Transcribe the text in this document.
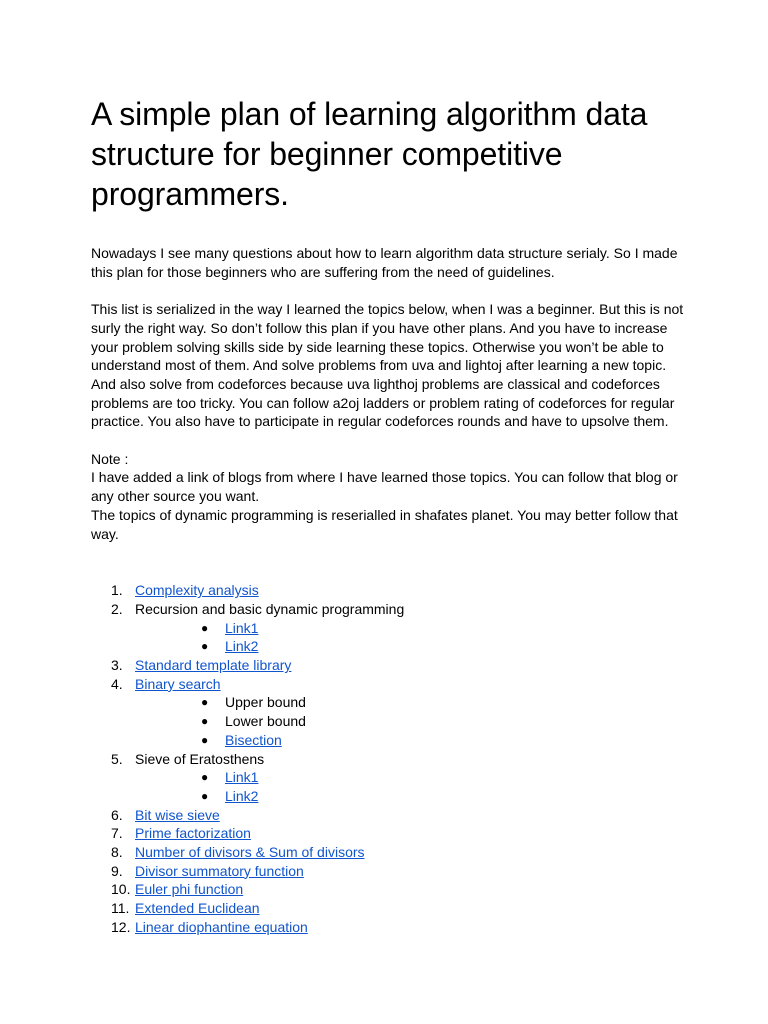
A simple plan of learning algorithm data structure for beginner competitive programmers.

Nowadays I see many questions about how to learn algorithm data structure serialy. So I made this plan for those beginners who are suffering from the need of guidelines.

This list is serialized in the way I learned the topics below, when I was a beginner. But this is not surly the right way. So don’t follow this plan if you have other plans. And you have to increase your problem solving skills side by side learning these topics. Otherwise you won’t be able to understand most of them. And solve problems from uva and lightoj after learning a new topic. And also solve from codeforces because uva lighthoj problems are classical and codeforces problems are too tricky. You can follow a2oj ladders or problem rating of codeforces for regular practice. You also have to participate in regular codeforces rounds and have to upsolve them.

Note :
I have added a link of blogs from where I have learned those topics. You can follow that blog or any other source you want.
The topics of dynamic programming is reserialled in shafates planet. You may better follow that way.
1. Complexity analysis
2. Recursion and basic dynamic programming
● Link1
● Link2
3. Standard template library
4. Binary search
● Upper bound
● Lower bound
● Bisection
5. Sieve of Eratosthens
● Link1
● Link2
6. Bit wise sieve
7. Prime factorization
8. Number of divisors & Sum of divisors
9. Divisor summatory function
10. Euler phi function
11. Extended Euclidean
12. Linear diophantine equation
